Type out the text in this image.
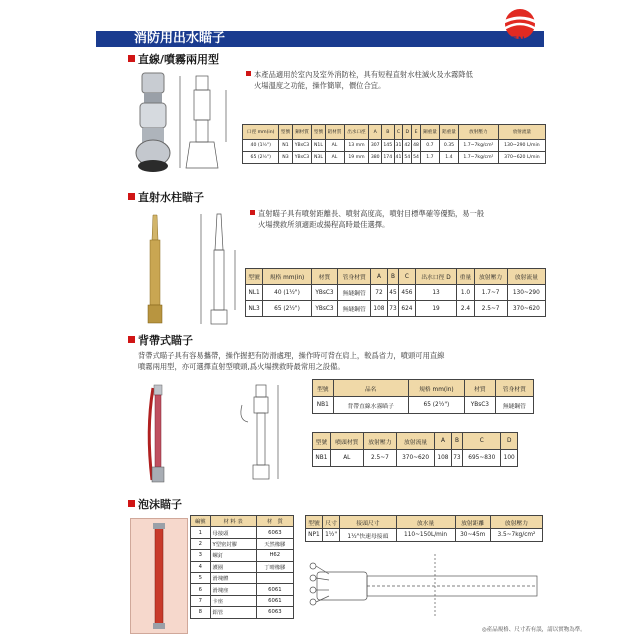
消防用出水瞄子	ANEN
直線/噴霧兩用型
本產品適用於室內及室外消防栓，具有短程直射水柱滅火及水霧降低
火場溫度之功能，操作簡單，價位合宜。
口徑 mm(in)	型號	銅材質	型號	鋁材質	出水口徑	A	B	C	D	E	銅重量	鋁重量	放射壓力	放射流量
40 (1½")	N1	YBsC3	N1L	AL	13 mm	307	145	31	42	48	0.7	0.35	1.7~7kg/cm²	130~290 L/min
65 (2½")	N3	YBsC3	N3L	AL	19 mm	380	174	41	54	54	1.7	1.4	1.7~7kg/cm²	370~620 L/min
直射水柱瞄子
直射瞄子具有噴射距離長、噴射高度高，噴射目標準確等優點，易一般
火場撲救所須適距或揚程高時最佳選擇。
型號	規格 mm(in)	材質	管身材質	A	B	C	出水口徑 D	重量	放射壓力	放射流量
NL1	40 (1½")	YBsC3	無縫鋼管	72	45	456	13	1.0	1.7~7	130~290
NL3	65 (2½")	YBsC3	無縫鋼管	108	73	624	19	2.4	2.5~7	370~620
背帶式瞄子
背帶式瞄子具有容易攜帶，操作握把有防滑處理，操作時可背在肩上，較爲省力，噴頭可用直線
噴霧兩用型，亦可選擇直射型噴頭,爲火場撲救時最常用之設備。
型號	品名	規格 mm(in)	材質	管身材質
NB1	背帶直線水霧瞄子	65 (2½")	YBsC3	無縫鋼管
型號	噴頭材質	放射壓力	放射流量	A	B	C	D
NB1	AL	2.5~7	370~620	108	73	695~830	100
泡沫瞄子
編號	材 料 表	材　質
1	母接頭	6063
2	Y型密封膠	天然橡膠
3	螺釘	H62
4	護圈	丁晴橡膠
5	滑塊體	
6	滑塊座	6061
7	卡座	6061
8	鋁管	6063
型號	尺寸	接頭尺寸	放水量	放射距離	放射壓力
NP1	1½"	1½"快速母接頭	110~150L/min	30~45m	3.5~7kg/cm²
◎產品規格、尺寸若有誤，請以實物為準。
